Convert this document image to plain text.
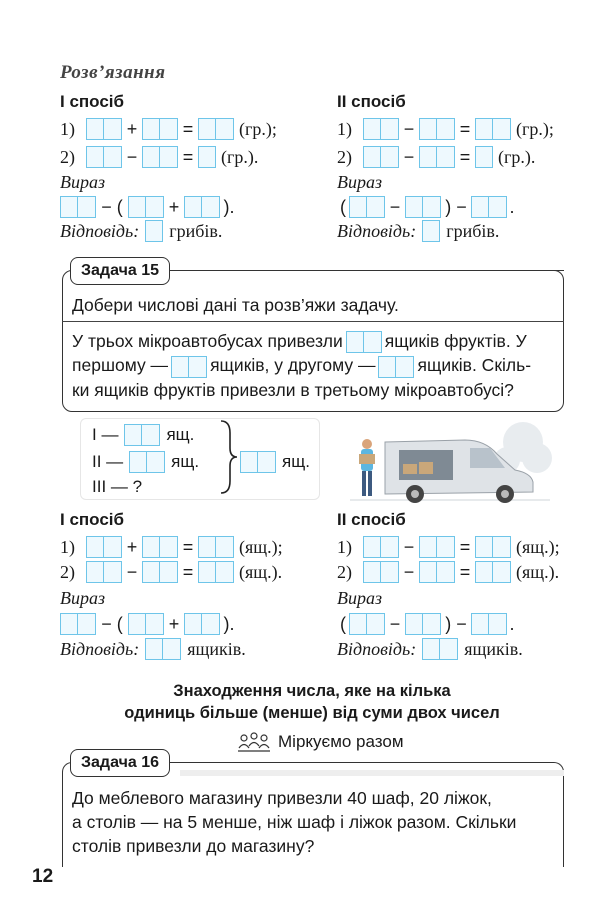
Розв’язання
І спосіб
1)	+	=	(гр.);
2)	−	= (гр.).
Вираз
− (	+ ).
Відповідь: грибів.
ІІ спосіб
1)	−	=	(гр.);
2)	−	= (гр.).
Вираз
( − ) − .
Відповідь: грибів.
Задача 15
Добери числові дані та розв’яжи задачу.
У трьох мікроавтобусах привезли ящиків фруктів. У
першому — ящиків, у другому — ящиків. Скіль-
ки ящиків фруктів привезли в третьому мікроавтобусі?
І —	ящ.
ІІ —	ящ.
ІІІ — ?
ящ.
І спосіб
1)	+	=	(ящ.);
2)	−	=	(ящ.).
Вираз
− (	+ ).
Відповідь:	ящиків.
ІІ спосіб
1)	−	=	(ящ.);
2)	−	=	(ящ.).
Вираз
( − ) − .
Відповідь:	ящиків.
Знаходження числа, яке на кілька
одиниць більше (менше) від суми двох чисел
Міркуємо разом
Задача 16
До меблевого магазину привезли 40 шаф, 20 ліжок,
а столів — на 5 менше, ніж шаф і ліжок разом. Скільки
столів привезли до магазину?
12
